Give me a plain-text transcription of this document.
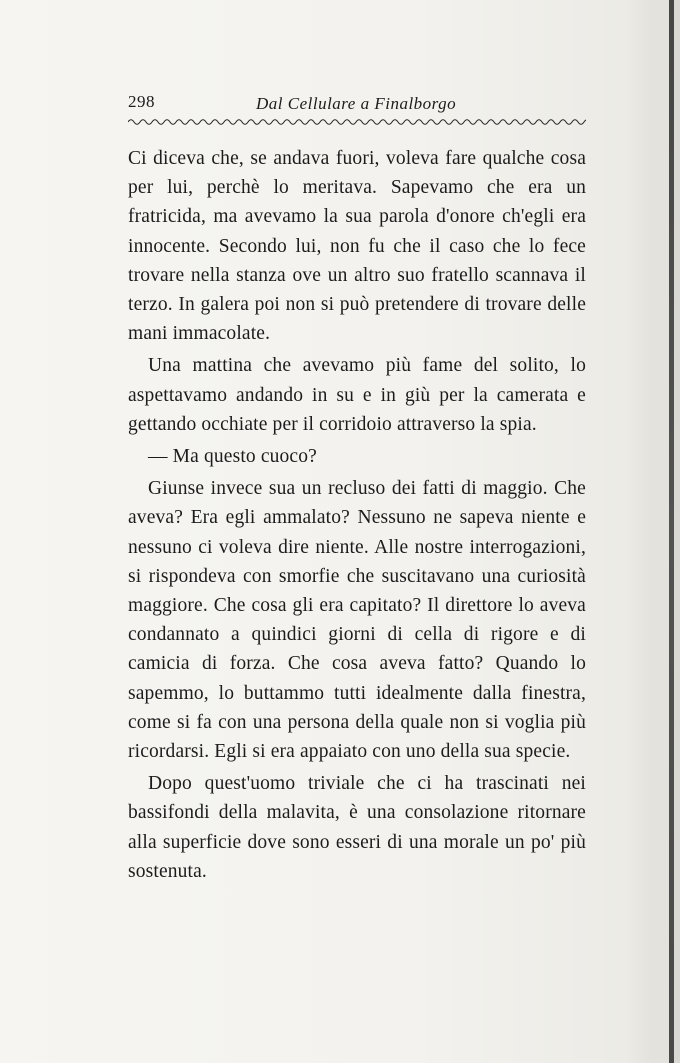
298	Dal Cellulare a Finalborgo

Ci diceva che, se andava fuori, voleva fare qualche cosa per lui, perchè lo meritava. Sapevamo che era un fratricida, ma avevamo la sua parola d'onore ch'egli era innocente. Secondo lui, non fu che il caso che lo fece trovare nella stanza ove un altro suo fratello scannava il terzo. In galera poi non si può pretendere di trovare delle mani immacolate.

Una mattina che avevamo più fame del solito, lo aspettavamo andando in su e in giù per la camerata e gettando occhiate per il corridoio attraverso la spia.

— Ma questo cuoco?

Giunse invece sua un recluso dei fatti di maggio. Che aveva? Era egli ammalato? Nessuno ne sapeva niente e nessuno ci voleva dire niente. Alle nostre interrogazioni, si rispondeva con smorfie che suscitavano una curiosità maggiore. Che cosa gli era capitato? Il direttore lo aveva condannato a quindici giorni di cella di rigore e di camicia di forza. Che cosa aveva fatto? Quando lo sapemmo, lo buttammo tutti idealmente dalla finestra, come si fa con una persona della quale non si voglia più ricordarsi. Egli si era appaiato con uno della sua specie.

Dopo quest'uomo triviale che ci ha trascinati nei bassifondi della malavita, è una consolazione ritornare alla superficie dove sono esseri di una morale un po' più sostenuta.
